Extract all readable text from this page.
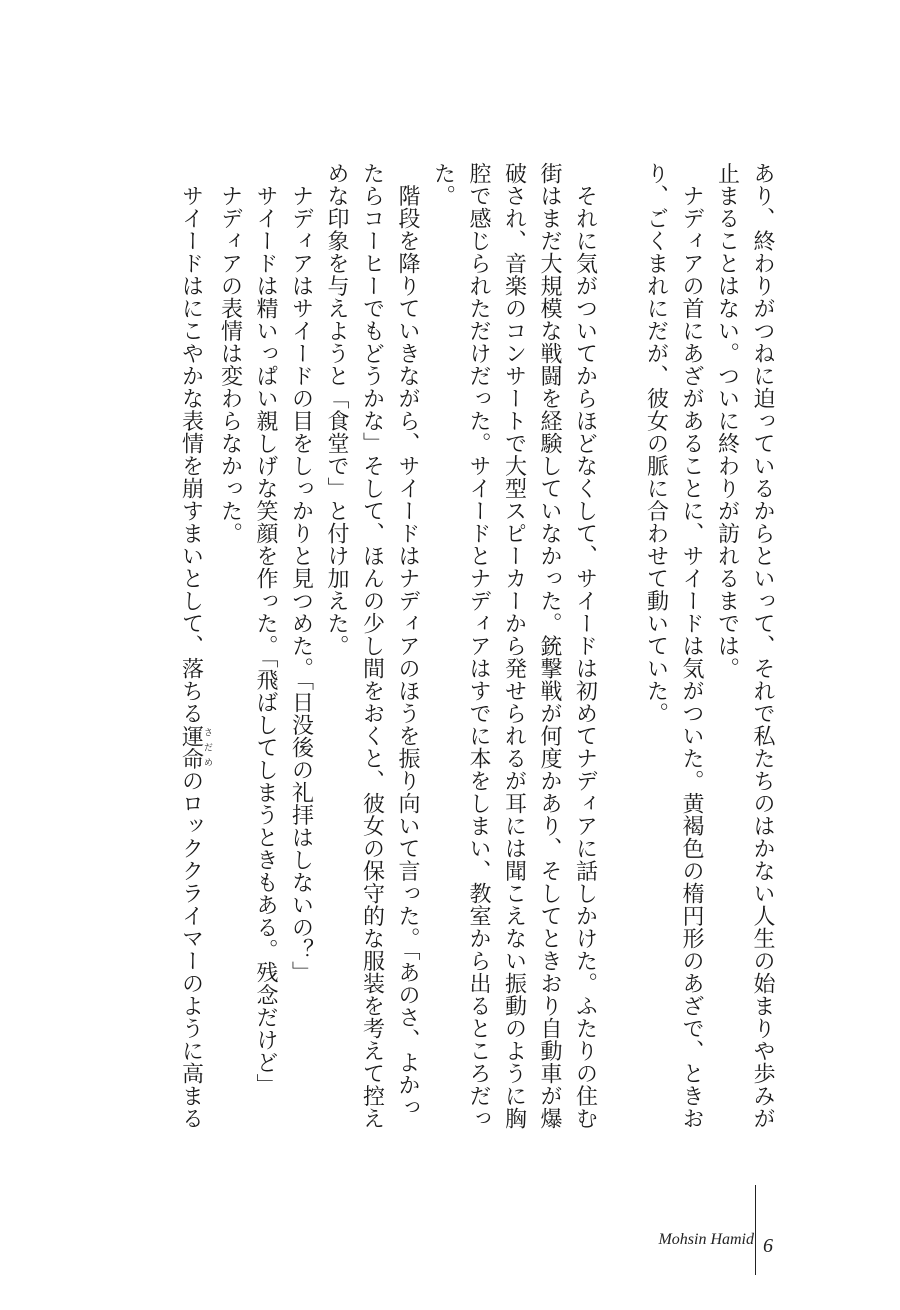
あり、終わりがつねに迫っているからといって、それで私たちのはかない人生の始まりや歩みが止まることはない。ついに終わりが訪れるまでは。

　ナディアの首にあざがあることに、サイードは気がついた。黄褐色の楕円形のあざで、ときおり、ごくまれにだが、彼女の脈に合わせて動いていた。

　それに気がついてからほどなくして、サイードは初めてナディアに話しかけた。ふたりの住む街はまだ大規模な戦闘を経験していなかった。銃撃戦が何度かあり、そしてときおり自動車が爆破され、音楽のコンサートで大型スピーカーから発せられるが耳には聞こえない振動のように胸腔で感じられただけだった。サイードとナディアはすでに本をしまい、教室から出るところだった。

　階段を降りていきながら、サイードはナディアのほうを振り向いて言った。「あのさ、よかったらコーヒーでもどうかな」そして、ほんの少し間をおくと、彼女の保守的な服装を考えて控えめな印象を与えようと「食堂で」と付け加えた。

　ナディアはサイードの目をしっかりと見つめた。「日没後の礼拝はしないの？」

　サイードは精いっぱい親しげな笑顔を作った。「飛ばしてしまうときもある。残念だけど」

　ナディアの表情は変わらなかった。

　サイードはにこやかな表情を崩すまいとして、落ちる運命さだめのロッククライマーのように高まる

Mohsin Hamid 6
